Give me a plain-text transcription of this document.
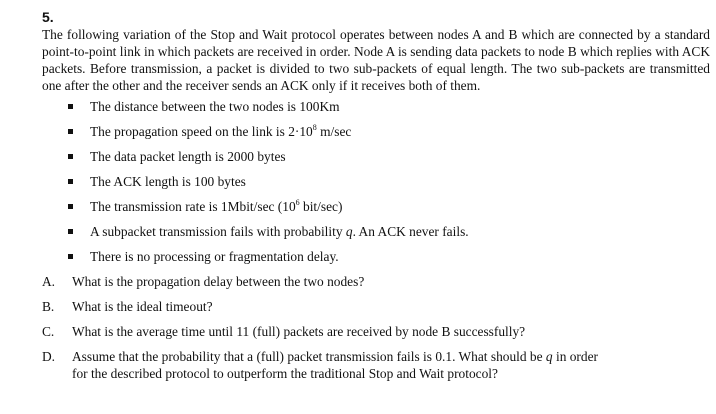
5.

The following variation of the Stop and Wait protocol operates between nodes A and B which are connected by a standard point-to-point link in which packets are received in order. Node A is sending data packets to node B which replies with ACK packets. Before transmission, a packet is divided to two sub-packets of equal length. The two sub-packets are transmitted one after the other and the receiver sends an ACK only if it receives both of them.

The distance between the two nodes is 100Km
The propagation speed on the link is $2\cdot 10^8$ m/sec
The data packet length is 2000 bytes
The ACK length is 100 bytes
The transmission rate is 1Mbit/sec ($10^6$ bit/sec)
A subpacket transmission fails with probability q. An ACK never fails.
There is no processing or fragmentation delay.
A. What is the propagation delay between the two nodes?
B. What is the ideal timeout?
C. What is the average time until 11 (full) packets are received by node B successfully?
D. Assume that the probability that a (full) packet transmission fails is 0.1. What should be q in order
for the described protocol to outperform the traditional Stop and Wait protocol?
